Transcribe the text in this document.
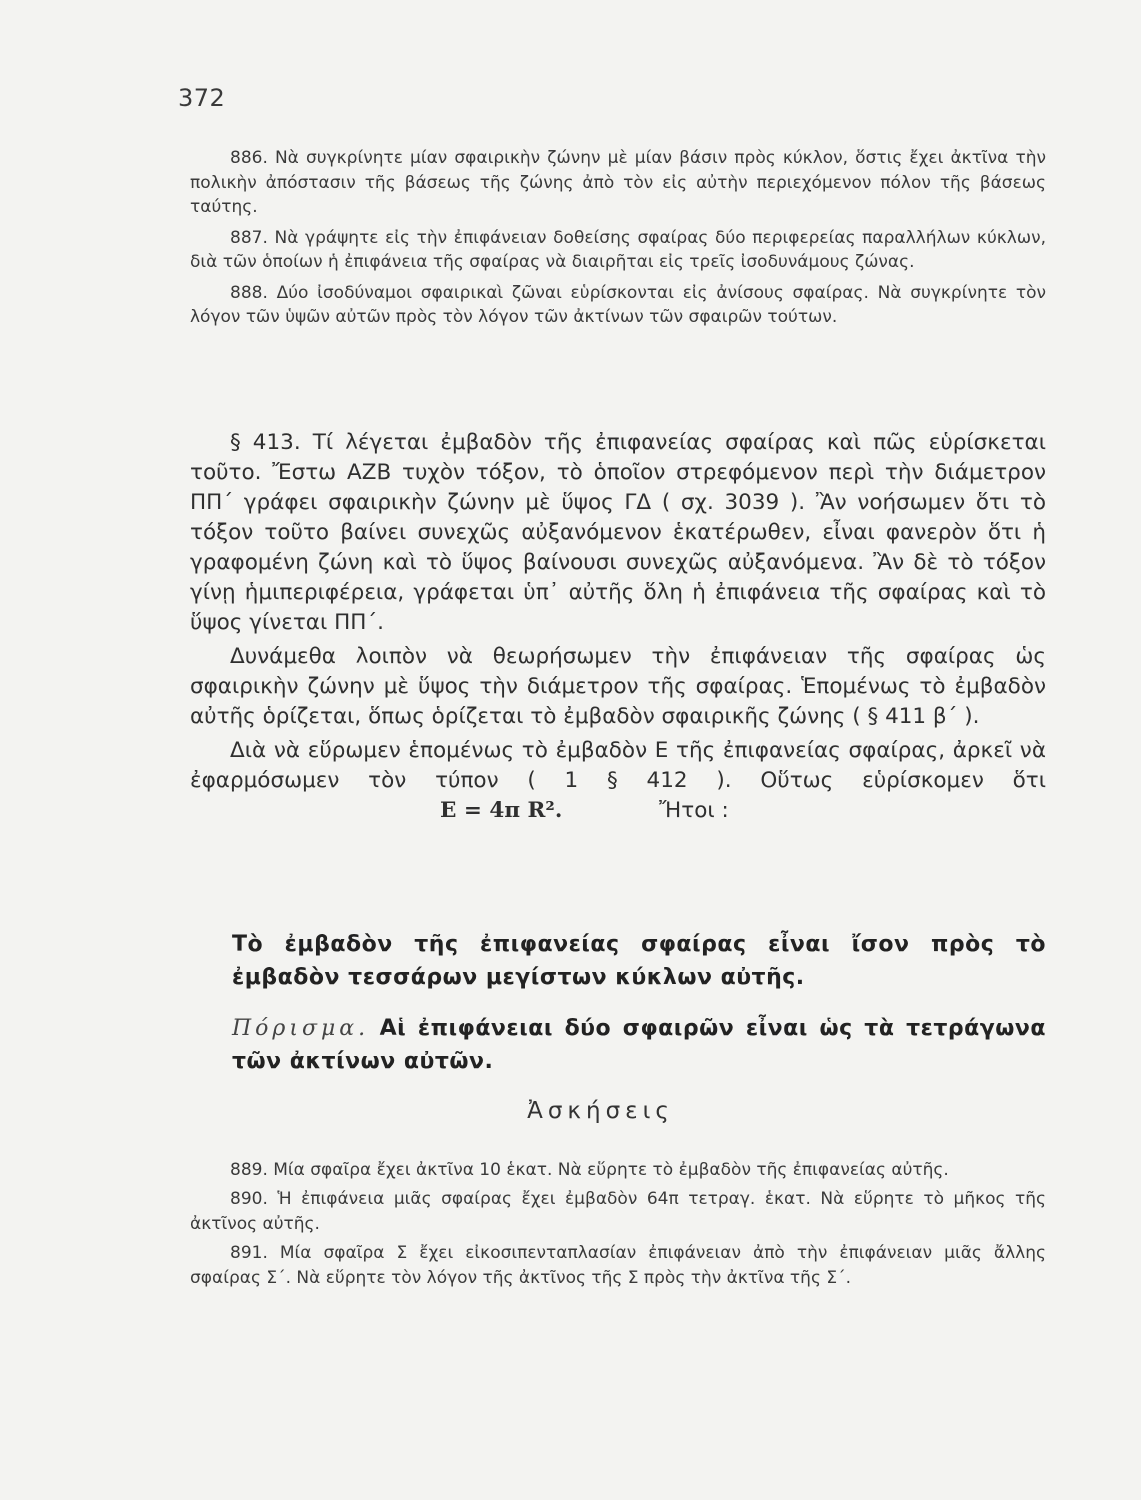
372

886. Νὰ συγκρίνητε μίαν σφαιρικὴν ζώνην μὲ μίαν βάσιν πρὸς κύκλον, ὅστις ἔχει ἀκτῖνα τὴν πολικὴν ἀπόστασιν τῆς βάσεως τῆς ζώνης ἀπὸ τὸν εἰς αὐτὴν περιεχόμενον πόλον τῆς βάσεως ταύτης.

887. Νὰ γράψητε εἰς τὴν ἐπιφάνειαν δοθείσης σφαίρας δύο περιφερείας παραλλήλων κύκλων, διὰ τῶν ὁποίων ἡ ἐπιφάνεια τῆς σφαίρας νὰ διαιρῆται εἰς τρεῖς ἰσοδυνάμους ζώνας.

888. Δύο ἰσοδύναμοι σφαιρικαὶ ζῶναι εὑρίσκονται εἰς ἀνίσους σφαίρας. Νὰ συγκρίνητε τὸν λόγον τῶν ὑψῶν αὐτῶν πρὸς τὸν λόγον τῶν ἀκτίνων τῶν σφαιρῶν τούτων.

§ 413. Τί λέγεται ἐμβαδὸν τῆς ἐπιφανείας σφαίρας καὶ πῶς εὑρίσκεται τοῦτο. Ἔστω ΑΖΒ τυχὸν τόξον, τὸ ὁποῖον στρεφόμενον περὶ τὴν διάμετρον ΠΠ΄ γράφει σφαιρικὴν ζώνην μὲ ὕψος ΓΔ ( σχ. 3039 ). Ἂν νοήσωμεν ὅτι τὸ τόξον τοῦτο βαίνει συνεχῶς αὐξανόμενον ἑκατέρωθεν, εἶναι φανερὸν ὅτι ἡ γραφομένη ζώνη καὶ τὸ ὕψος βαίνουσι συνεχῶς αὐξανόμενα. Ἂν δὲ τὸ τόξον γίνῃ ἡμιπεριφέρεια, γράφεται ὑπ᾽ αὐτῆς ὅλη ἡ ἐπιφάνεια τῆς σφαίρας καὶ τὸ ὕψος γίνεται ΠΠ΄.

Δυνάμεθα λοιπὸν νὰ θεωρήσωμεν τὴν ἐπιφάνειαν τῆς σφαίρας ὡς σφαιρικὴν ζώνην μὲ ὕψος τὴν διάμετρον τῆς σφαίρας. Ἑπομένως τὸ ἐμβαδὸν αὐτῆς ὁρίζεται, ὅπως ὁρίζεται τὸ ἐμβαδὸν σφαιρικῆς ζώνης ( § 411 β΄ ).

Διὰ νὰ εὕρωμεν ἑπομένως τὸ ἐμβαδὸν Ε τῆς ἐπιφανείας σφαίρας, ἀρκεῖ νὰ ἐφαρμόσωμεν τὸν τύπον ( 1 § 412 ). Οὕτως εὑρίσκομεν ὅτι E = 4π R².	Ἤτοι :

Τὸ ἐμβαδὸν τῆς ἐπιφανείας σφαίρας εἶναι ἴσον πρὸς τὸ ἐμβαδὸν τεσσάρων μεγίστων κύκλων αὐτῆς.

Πόρισμα. Αἱ ἐπιφάνειαι δύο σφαιρῶν εἶναι ὡς τὰ τετράγωνα τῶν ἀκτίνων αὐτῶν.
Ἀσκήσεις

889. Μία σφαῖρα ἔχει ἀκτῖνα 10 ἑκατ. Νὰ εὕρητε τὸ ἐμβαδὸν τῆς ἐπιφανείας αὐτῆς.

890. Ἡ ἐπιφάνεια μιᾶς σφαίρας ἔχει ἐμβαδὸν 64π τετραγ. ἑκατ. Νὰ εὕρητε τὸ μῆκος τῆς ἀκτῖνος αὐτῆς.

891. Μία σφαῖρα Σ ἔχει εἰκοσιπενταπλασίαν ἐπιφάνειαν ἀπὸ τὴν ἐπιφάνειαν μιᾶς ἄλλης σφαίρας Σ΄. Νὰ εὕρητε τὸν λόγον τῆς ἀκτῖνος τῆς Σ πρὸς τὴν ἀκτῖνα τῆς Σ΄.
